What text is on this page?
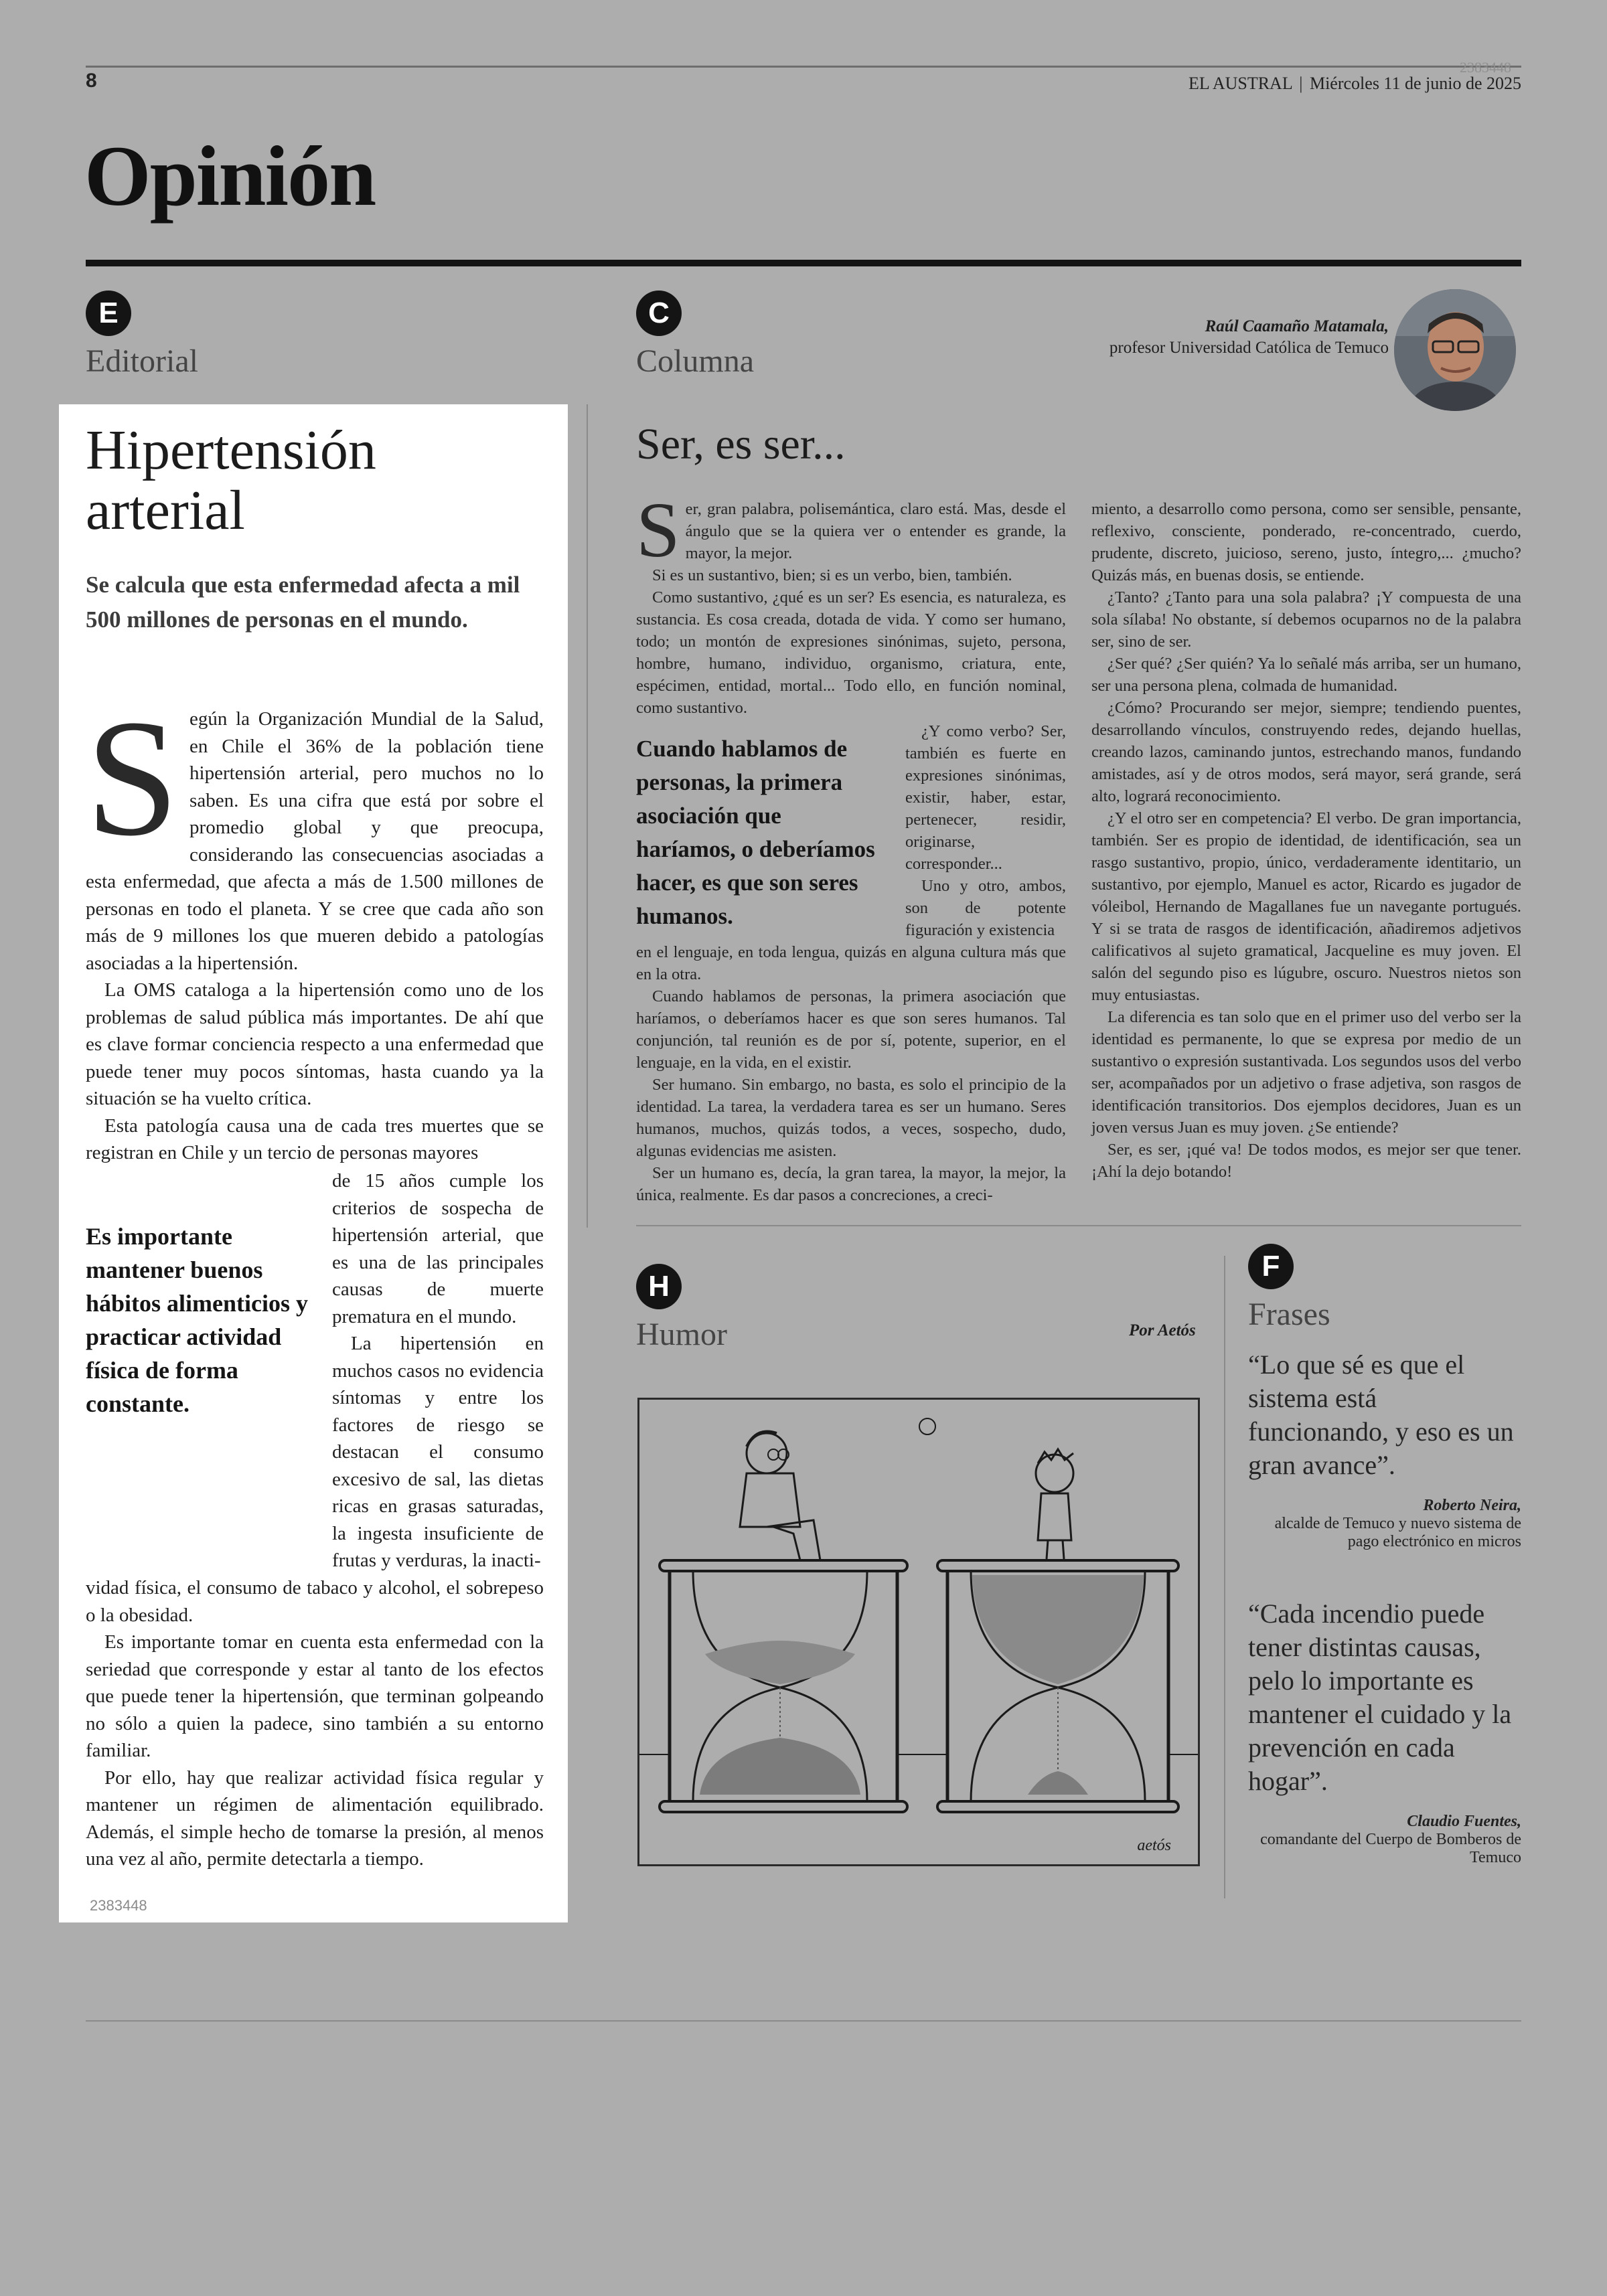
8
2383448
EL AUSTRAL | Miércoles 11 de junio de 2025
Opinión
E
Editorial
Hipertensión arterial
Se calcula que esta enfermedad afecta a mil 500 millones de personas en el mundo.
S egún la Organización Mundial de la Salud, en Chile el 36% de la población tiene hipertensión arterial, pero muchos no lo saben. Es una cifra que está por sobre el promedio global y que preocupa, considerando las consecuencias asociadas a esta enfermedad, que afecta a más de 1.500 millones de personas en todo el planeta. Y se cree que cada año son más de 9 millones los que mueren debido a patologías asociadas a la hipertensión.

La OMS cataloga a la hipertensión como uno de los problemas de salud pública más importantes. De ahí que es clave formar conciencia respecto a una enfermedad que puede tener muy pocos síntomas, hasta cuando ya la situación se ha vuelto crítica.

Esta patología causa una de cada tres muertes que se registran en Chile y un tercio de personas mayores

Es importante mantener buenos hábitos alimenticios y practicar actividad física de forma constante.

de 15 años cumple los criterios de sospecha de hipertensión arterial, que es una de las principales causas de muerte prematura en el mundo.

La hipertensión en muchos casos no evidencia síntomas y entre los factores de riesgo se destacan el consumo excesivo de sal, las dietas ricas en grasas saturadas, la ingesta insuficiente de frutas y verduras, la inacti-

vidad física, el consumo de tabaco y alcohol, el sobrepeso o la obesidad.

Es importante tomar en cuenta esta enfermedad con la seriedad que corresponde y estar al tanto de los efectos que puede tener la hipertensión, que terminan golpeando no sólo a quien la padece, sino también a su entorno familiar.

Por ello, hay que realizar actividad física regular y mantener un régimen de alimentación equilibrado. Además, el simple hecho de tomarse la presión, al menos una vez al año, permite detectarla a tiempo.

2383448
C
Columna
Raúl Caamaño Matamala,
profesor Universidad Católica de Temuco
Ser, es ser...
S er, gran palabra, polisemántica, claro está. Mas, desde el ángulo que se la quiera ver o entender es grande, la mayor, la mejor.

Si es un sustantivo, bien; si es un verbo, bien, también.

Como sustantivo, ¿qué es un ser? Es esencia, es naturaleza, es sustancia. Es cosa creada, dotada de vida. Y como ser humano, todo; un montón de expresiones sinónimas, sujeto, persona, hombre, humano, individuo, organismo, criatura, ente, espécimen, entidad, mortal... Todo ello, en función nominal, como sustantivo.

Cuando hablamos de personas, la primera asociación que haríamos, o deberíamos hacer, es que son seres humanos.

¿Y como verbo? Ser, también es fuerte en expresiones sinónimas, existir, haber, estar, pertenecer, residir, originarse, corresponder...

Uno y otro, ambos, son de potente figuración y existencia

en el lenguaje, en toda lengua, quizás en alguna cultura más que en la otra.

Cuando hablamos de personas, la primera asociación que haríamos, o deberíamos hacer es que son seres humanos. Tal conjunción, tal reunión es de por sí, potente, superior, en el lenguaje, en la vida, en el existir.

Ser humano. Sin embargo, no basta, es solo el principio de la identidad. La tarea, la verdadera tarea es ser un humano. Seres humanos, muchos, quizás todos, a veces, sospecho, dudo, algunas evidencias me asisten.

Ser un humano es, decía, la gran tarea, la mayor, la mejor, la única, realmente. Es dar pasos a concreciones, a creci-

miento, a desarrollo como persona, como ser sensible, pensante, reflexivo, consciente, ponderado, re-concentrado, cuerdo, prudente, discreto, juicioso, sereno, justo, íntegro,... ¿mucho? Quizás más, en buenas dosis, se entiende.

¿Tanto? ¿Tanto para una sola palabra? ¡Y compuesta de una sola sílaba! No obstante, sí debemos ocuparnos no de la palabra ser, sino de ser.

¿Ser qué? ¿Ser quién? Ya lo señalé más arriba, ser un humano, ser una persona plena, colmada de humanidad.

¿Cómo? Procurando ser mejor, siempre; tendiendo puentes, desarrollando vínculos, construyendo redes, dejando huellas, creando lazos, caminando juntos, estrechando manos, fundando amistades, así y de otros modos, será mayor, será grande, será alto, logrará reconocimiento.

¿Y el otro ser en competencia? El verbo. De gran importancia, también. Ser es propio de identidad, de identificación, sea un rasgo sustantivo, propio, único, verdaderamente identitario, un sustantivo, por ejemplo, Manuel es actor, Ricardo es jugador de vóleibol, Hernando de Magallanes fue un navegante portugués. Y si se trata de rasgos de identificación, añadiremos adjetivos calificativos al sujeto gramatical, Jacqueline es muy joven. El salón del segundo piso es lúgubre, oscuro. Nuestros nietos son muy entusiastas.

La diferencia es tan solo que en el primer uso del verbo ser la identidad es permanente, lo que se expresa por medio de un sustantivo o expresión sustantivada. Los segundos usos del verbo ser, acompañados por un adjetivo o frase adjetiva, son rasgos de identificación transitorios. Dos ejemplos decidores, Juan es un joven versus Juan es muy joven. ¿Se entiende?

Ser, es ser, ¡qué va! De todos modos, es mejor ser que tener. ¡Ahí la dejo botando!

H
Humor	Por Aetós
aetós
F
Frases
“Lo que sé es que el sistema está funcionando, y eso es un gran avance”.
Roberto Neira,
alcalde de Temuco y nuevo sistema de pago electrónico en micros
“Cada incendio puede tener distintas causas, pelo lo importante es mantener el cuidado y la prevención en cada hogar”.
Claudio Fuentes,
comandante del Cuerpo de Bomberos de Temuco
